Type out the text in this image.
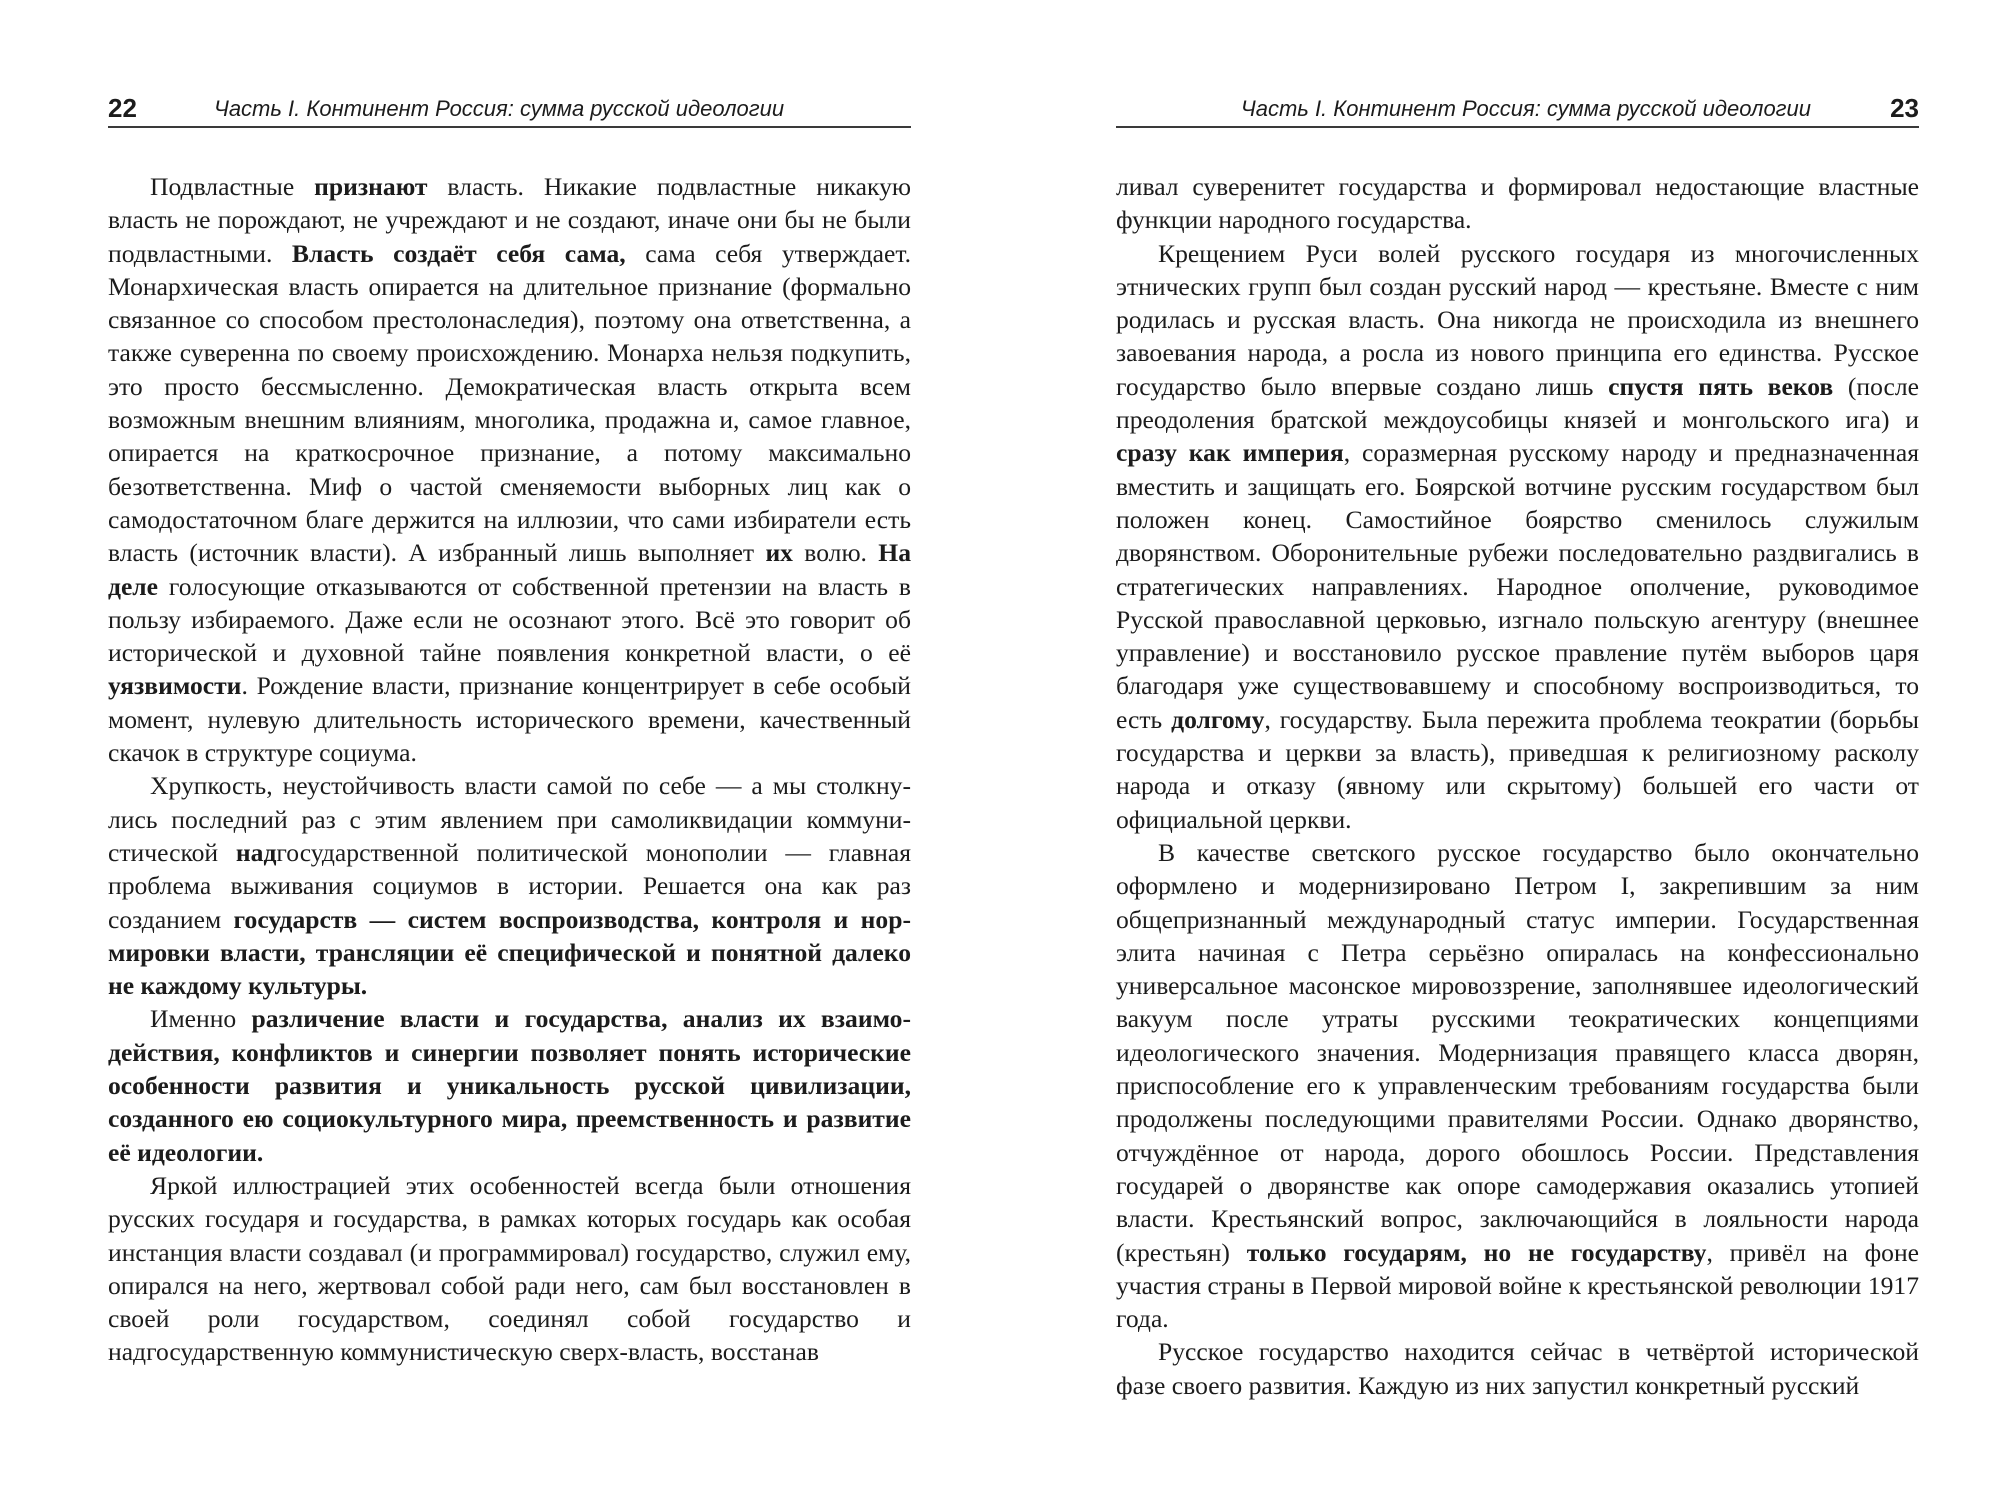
22	Часть I. Континент Россия: сумма русской идеологии

Подвластные признают власть. Никакие подвластные никакую власть не порождают, не учреждают и не создают, иначе они бы не были подвластными. Власть создаёт себя сама, сама себя утверждает. Монархическая власть опирается на длительное признание (формально связанное со способом престолонаследия), поэтому она ответственна, а также суверенна по своему происхождению. Монарха нельзя подкупить, это просто бессмысленно. Демократическая власть открыта всем возможным внешним влияниям, многолика, продажна и, самое главное, опирается на краткосрочное признание, а потому максимально безответственна. Миф о частой сменяемости выборных лиц как о самодостаточном благе держится на иллюзии, что сами избиратели есть власть (источник власти). А избранный лишь выполняет их волю. На деле голосующие отказываются от собственной претензии на власть в пользу избираемого. Даже если не осознают этого. Всё это говорит об исторической и духовной тайне появления конкретной власти, о её уязвимости. Рождение власти, признание концентрирует в себе особый момент, нулевую длительность исторического времени, качественный скачок в структуре социума.

Хрупкость, неустойчивость власти самой по себе — а мы столкнулись последний раз с этим явлением при самоликвидации коммунистической надгосударственной политической монополии — главная проблема выживания социумов в истории. Решается она как раз созданием государств — систем воспроизводства, контроля и нормировки власти, трансляции её специфической и понятной далеко не каждому культуры.

Именно различение власти и государства, анализ их взаимодействия, конфликтов и синергии позволяет понять исторические особенности развития и уникальность русской цивилизации, созданного ею социокультурного мира, преемственность и развитие её идеологии.

Яркой иллюстрацией этих особенностей всегда были отношения русских государя и государства, в рамках которых государь как особая инстанция власти создавал (и программировал) государство, служил ему, опирался на него, жертвовал собой ради него, сам был восстановлен в своей роли государством, соединял собой государство и надгосударственную коммунистическую сверх-власть, восстанав

Часть I. Континент Россия: сумма русской идеологии	23

ливал суверенитет государства и формировал недостающие властные функции народного государства.

Крещением Руси волей русского государя из многочисленных этнических групп был создан русский народ — крестьяне. Вместе с ним родилась и русская власть. Она никогда не происходила из внешнего завоевания народа, а росла из нового принципа его единства. Русское государство было впервые создано лишь спустя пять веков (после преодоления братской междоусобицы князей и монгольского ига) и сразу как империя, соразмерная русскому народу и предназначенная вместить и защищать его. Боярской вотчине русским государством был положен конец. Самостийное боярство сменилось служилым дворянством. Оборонительные рубежи последовательно раздвигались в стратегических направлениях. Народное ополчение, руководимое Русской православной церковью, изгнало польскую агентуру (внешнее управление) и восстановило русское правление путём выборов царя благодаря уже существовавшему и способному воспроизводиться, то есть долгому, государству. Была пережита проблема теократии (борьбы государства и церкви за власть), приведшая к религиозному расколу народа и отказу (явному или скрытому) большей его части от официальной церкви.

В качестве светского русское государство было окончательно оформлено и модернизировано Петром I, закрепившим за ним общепризнанный международный статус империи. Государственная элита начиная с Петра серьёзно опиралась на конфессионально универсальное масонское мировоззрение, заполнявшее идеологический вакуум после утраты русскими теократических концепциями идеологического значения. Модернизация правящего класса дворян, приспособление его к управленческим требованиям государства были продолжены последующими правителями России. Однако дворянство, отчуждённое от народа, дорого обошлось России. Представления государей о дворянстве как опоре самодержавия оказались утопией власти. Крестьянский вопрос, заключающийся в лояльности народа (крестьян) только государям, но не государству, привёл на фоне участия страны в Первой мировой войне к крестьянской революции 1917 года.

Русское государство находится сейчас в четвёртой исторической фазе своего развития. Каждую из них запустил конкретный русский
